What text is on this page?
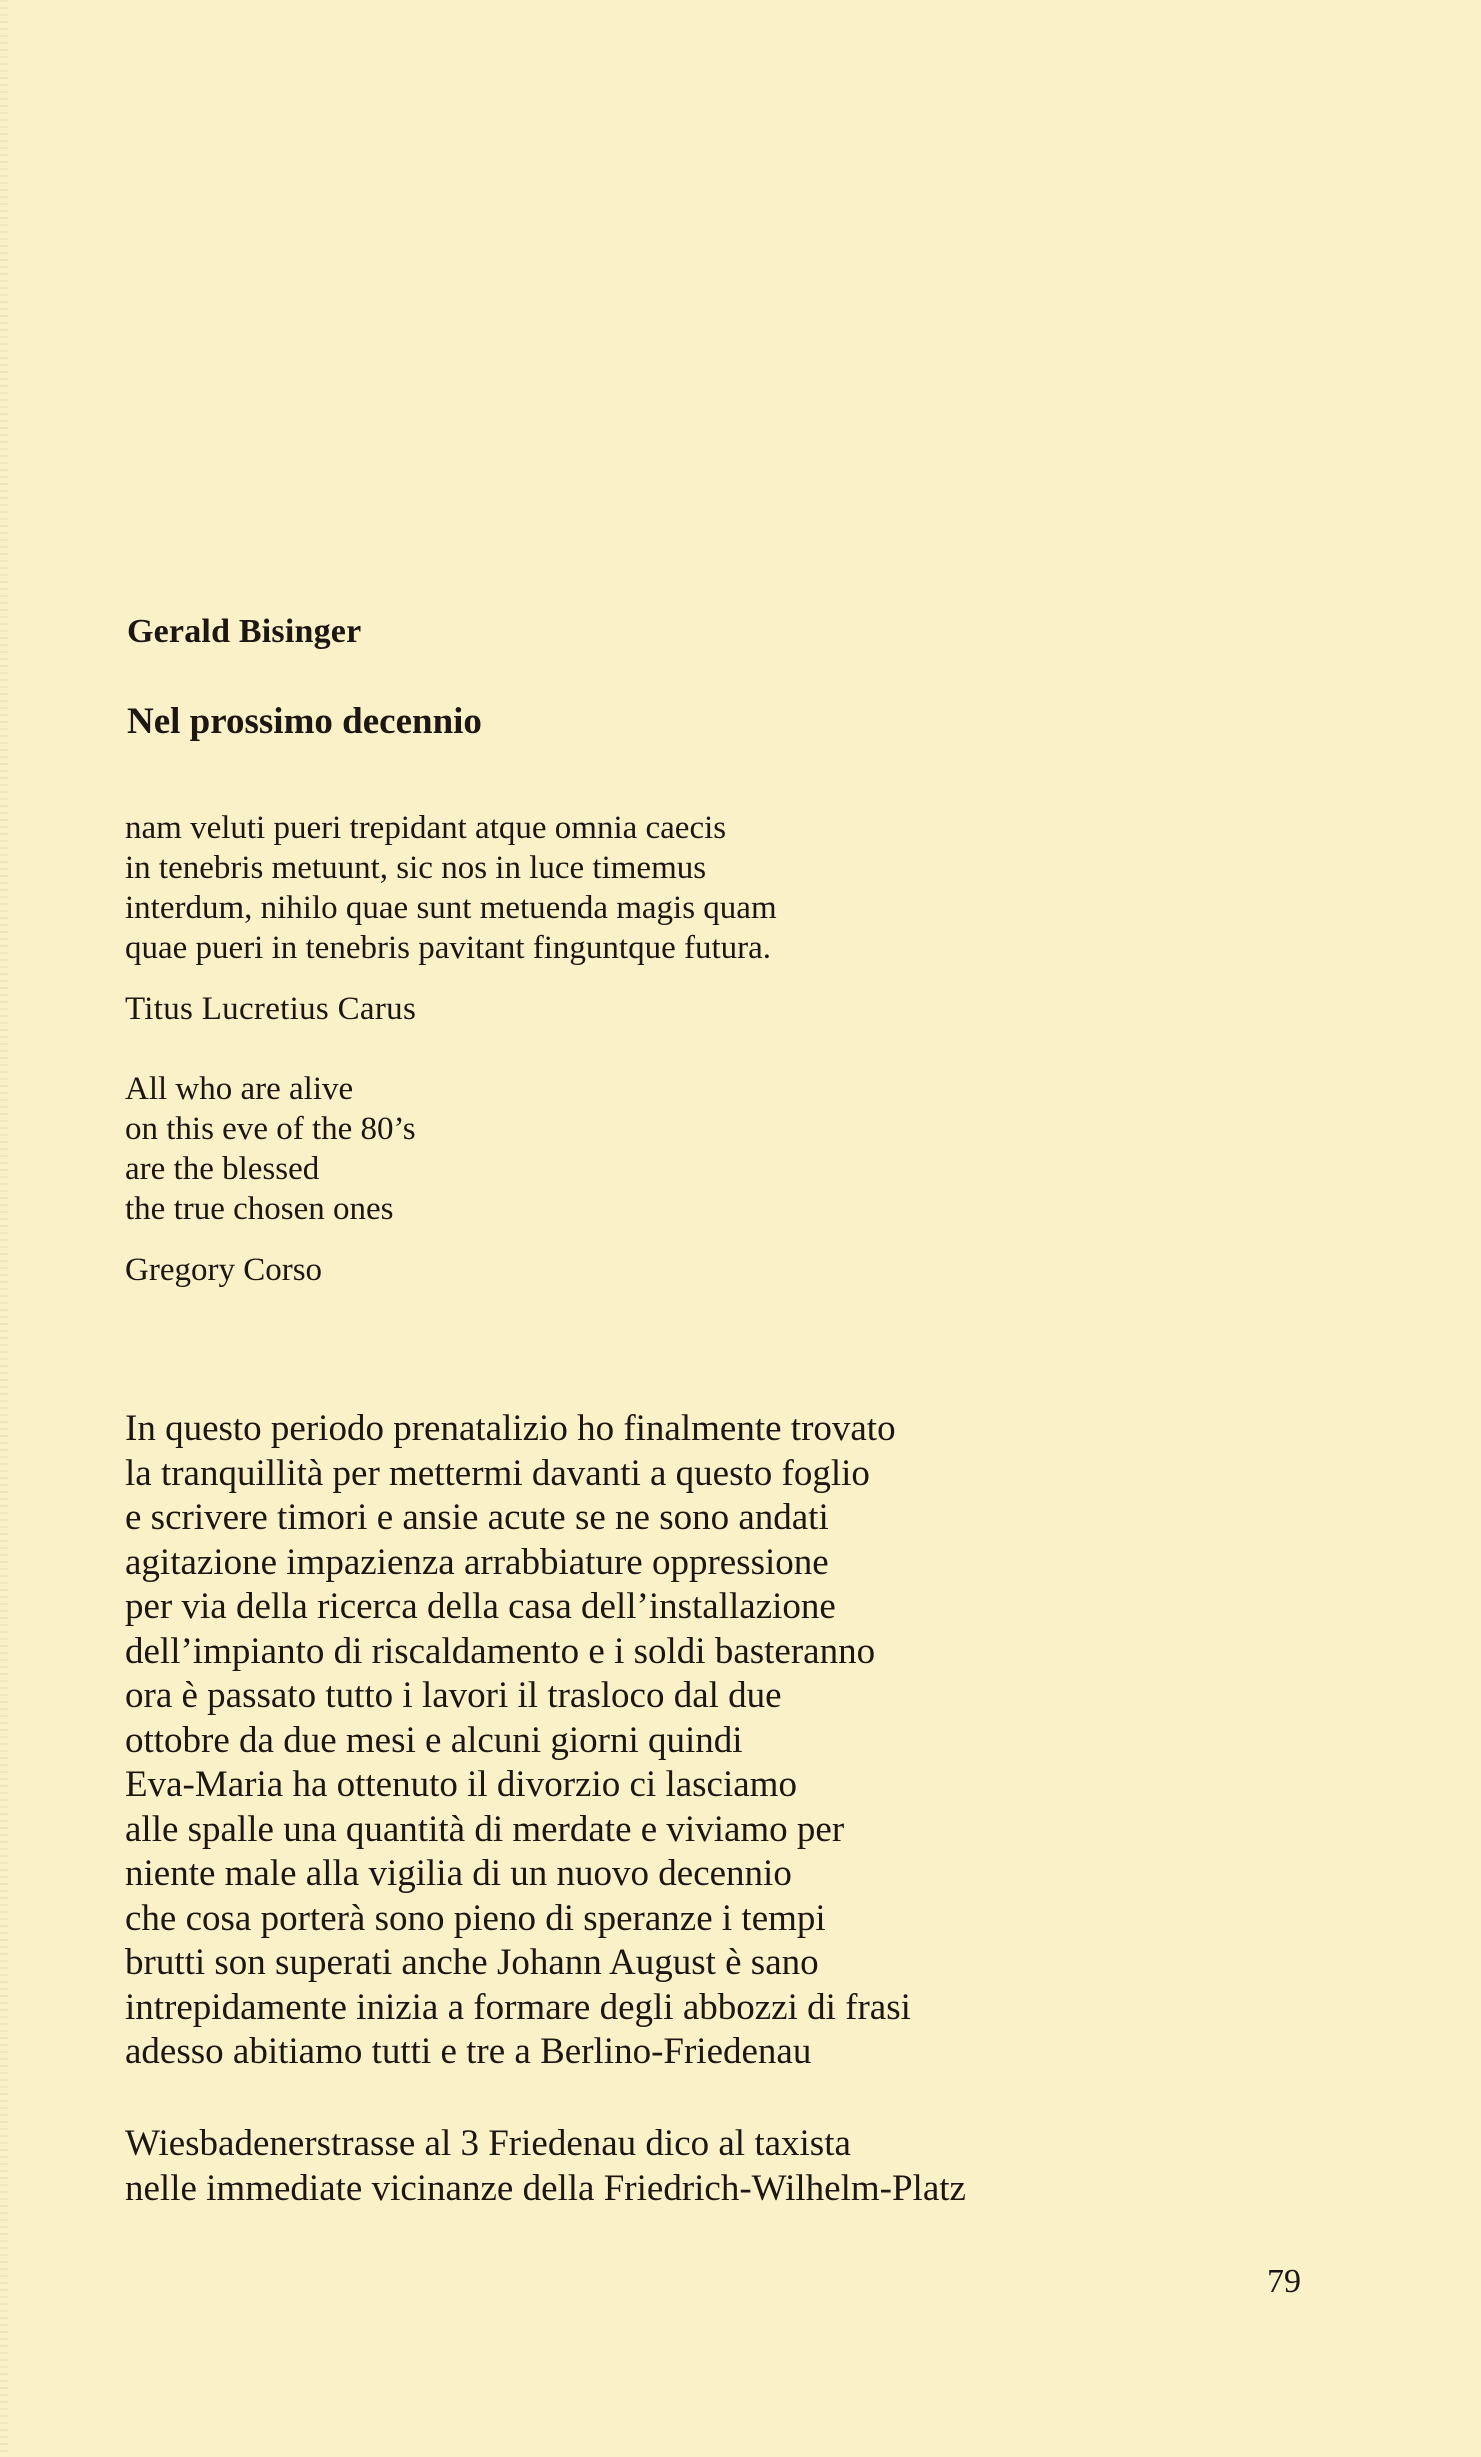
Gerald Bisinger
Nel prossimo decennio
nam veluti pueri trepidant atque omnia caecis
in tenebris metuunt, sic nos in luce timemus
interdum, nihilo quae sunt metuenda magis quam
quae pueri in tenebris pavitant finguntque futura.
Titus Lucretius Carus
All who are alive
on this eve of the 80’s
are the blessed
the true chosen ones
Gregory Corso
In questo periodo prenatalizio ho finalmente trovato
la tranquillità per mettermi davanti a questo foglio
e scrivere timori e ansie acute se ne sono andati
agitazione impazienza arrabbiature oppressione
per via della ricerca della casa dell’installazione
dell’impianto di riscaldamento e i soldi basteranno
ora è passato tutto i lavori il trasloco dal due
ottobre da due mesi e alcuni giorni quindi
Eva-Maria ha ottenuto il divorzio ci lasciamo
alle spalle una quantità di merdate e viviamo per
niente male alla vigilia di un nuovo decennio
che cosa porterà sono pieno di speranze i tempi
brutti son superati anche Johann August è sano
intrepidamente inizia a formare degli abbozzi di frasi
adesso abitiamo tutti e tre a Berlino-Friedenau
Wiesbadenerstrasse al 3 Friedenau dico al taxista
nelle immediate vicinanze della Friedrich-Wilhelm-Platz
79
